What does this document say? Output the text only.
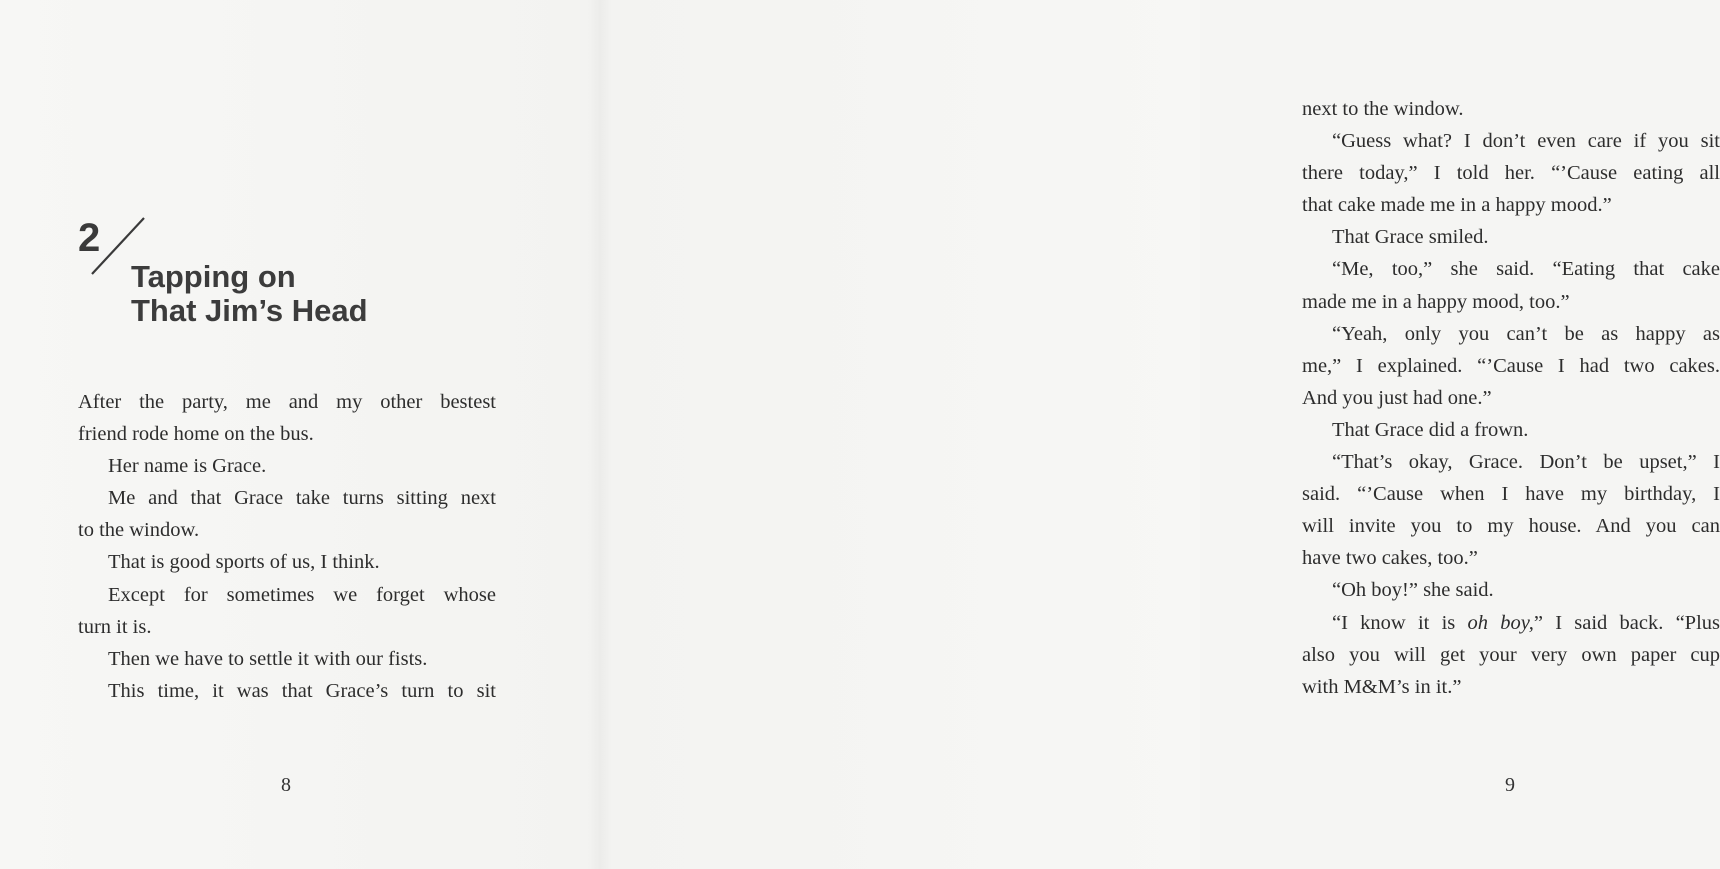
2
Tapping on
That Jim’s Head
After the party, me and my other bestest
friend rode home on the bus.
Her name is Grace.
Me and that Grace take turns sitting next
to the window.
That is good sports of us, I think.
Except for sometimes we forget whose
turn it is.
Then we have to settle it with our fists.
This time, it was that Grace’s turn to sit
8
next to the window.
“Guess what? I don’t even care if you sit
there today,” I told her. “’Cause eating all
that cake made me in a happy mood.”
That Grace smiled.
“Me, too,” she said. “Eating that cake
made me in a happy mood, too.”
“Yeah, only you can’t be as happy as
me,” I explained. “’Cause I had two cakes.
And you just had one.”
That Grace did a frown.
“That’s okay, Grace. Don’t be upset,” I
said. “’Cause when I have my birthday, I
will invite you to my house. And you can
have two cakes, too.”
“Oh boy!” she said.
“I know it is oh boy,” I said back. “Plus
also you will get your very own paper cup
with M&M’s in it.”
9
